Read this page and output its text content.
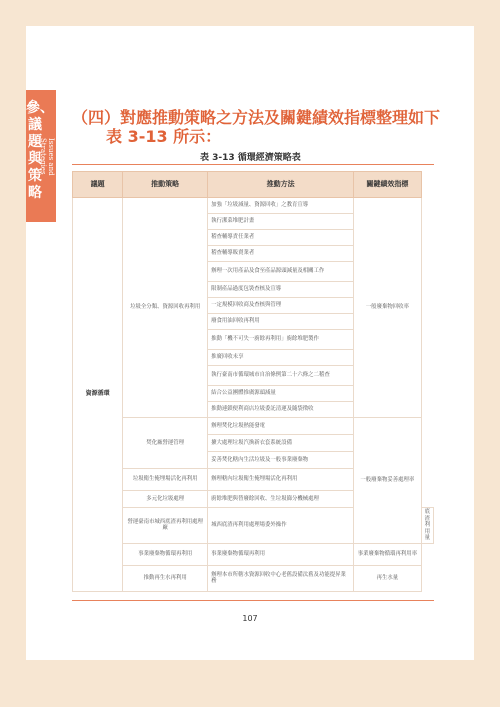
參、議題與策略
Issues and Strategies
（四）對應推動策略之方法及關鍵績效指標整理如下
表 3-13 所示：
表 3-13 循環經濟策略表
議題	推動策略	推動方法	關鍵績效指標	
資源循環	垃圾全分類、資源回收再利用	加強「垃圾減量、資源回收」之教育宣導	一般廢棄物回收率	
		執行潔菜堆肥計畫		
		稽查輔導責任業者		
		稽查輔導販賣業者		
		辦理一次用產品及食至產品源頭減量及相關工作		
		限制產品過度包裝查核及宣導		
		一定規模回收商及查核與管理		
		廢食用油回收再利用		
		推動「機不可失一廚餘再利用」廚餘堆肥製作		
		推廣回收未享		
		執行臺南市循環城市自治條例第二十六條之二稽查		
		結合公益團體推廣源頭減量		
		推動連鎖便利商店垃圾委託清運及隨袋徵收		
	焚化廠營運管理	辦理焚化垃圾熱能發電	一般廢棄物妥善處理率	
		擴大處理垃圾汽換新衣套系統設備		
		妥善焚化轄內生活垃圾及一般事業廢棄物		
	垃圾衛生掩埋場活化再利用	辦理轄內垃圾衛生掩埋場活化再利用		
	多元化垃圾處理	廚餘堆肥與替廢餘回收、生垃圾篩分機械處理		
	營運臺南市城西底渣再利用處理廠	城西底渣再利用處理場委外操作		底渣利用量
	事業廢棄物循環再利用	事業廢棄物循環再利用	事業廢棄物循環再利用率	
	推動再生水再利用	辦理本市所轄水資源回收中心老舊設備汰舊及功能提昇業務	再生水量	
107
